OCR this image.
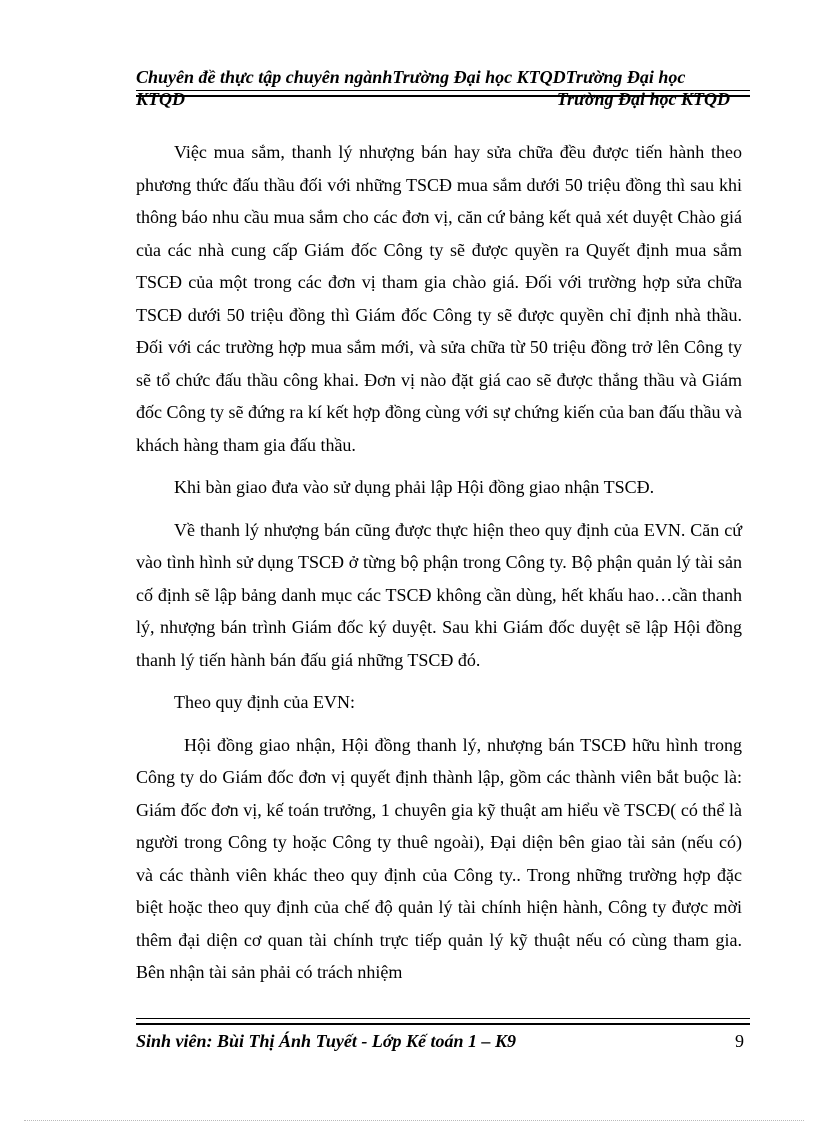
Chuyên đề thực tập chuyên ngànhTrường Đại học KTQDTrường Đại học
KTQD	Trường Đại học KTQD

Việc mua sắm, thanh lý nhượng bán hay sửa chữa đều được tiến hành theo phương thức đấu thầu đối với những TSCĐ mua sắm dưới 50 triệu đồng thì sau khi thông báo nhu cầu mua sắm cho các đơn vị, căn cứ bảng kết quả xét duyệt Chào giá của các nhà cung cấp Giám đốc Công ty sẽ được quyền ra Quyết định mua sắm TSCĐ của một trong các đơn vị tham gia chào giá. Đối với trường hợp sửa chữa TSCĐ dưới 50 triệu đồng thì Giám đốc Công ty sẽ được quyền chỉ định nhà thầu. Đối với các trường hợp mua sắm mới, và sửa chữa từ 50 triệu đồng trở lên Công ty sẽ tổ chức đấu thầu công khai. Đơn vị nào đặt giá cao sẽ được thắng thầu và Giám đốc Công ty sẽ đứng ra kí kết hợp đồng cùng với sự chứng kiến của ban đấu thầu và khách hàng tham gia đấu thầu.

Khi bàn giao đưa vào sử dụng phải lập Hội đồng giao nhận TSCĐ.

Về thanh lý nhượng bán cũng được thực hiện theo quy định của EVN. Căn cứ vào tình hình sử dụng TSCĐ ở từng bộ phận trong Công ty. Bộ phận quản lý tài sản cố định sẽ lập bảng danh mục các TSCĐ không cần dùng, hết khấu hao…cần thanh lý, nhượng bán trình Giám đốc ký duyệt. Sau khi Giám đốc duyệt sẽ lập Hội đồng thanh lý tiến hành bán đấu giá những TSCĐ đó.

Theo quy định của EVN:

Hội đồng giao nhận, Hội đồng thanh lý, nhượng bán TSCĐ hữu hình trong Công ty do Giám đốc đơn vị quyết định thành lập, gồm các thành viên bắt buộc là: Giám đốc đơn vị, kế toán trưởng, 1 chuyên gia kỹ thuật am hiểu về TSCĐ( có thể là người trong Công ty hoặc Công ty thuê ngoài), Đại diện bên giao tài sản (nếu có) và các thành viên khác theo quy định của Công ty.. Trong những trường hợp đặc biệt hoặc theo quy định của chế độ quản lý tài chính hiện hành, Công ty được mời thêm đại diện cơ quan tài chính trực tiếp quản lý kỹ thuật nếu có cùng tham gia. Bên nhận tài sản phải có trách nhiệm

Sinh viên: Bùi Thị Ánh Tuyết - Lớp Kế toán 1 – K9	9
